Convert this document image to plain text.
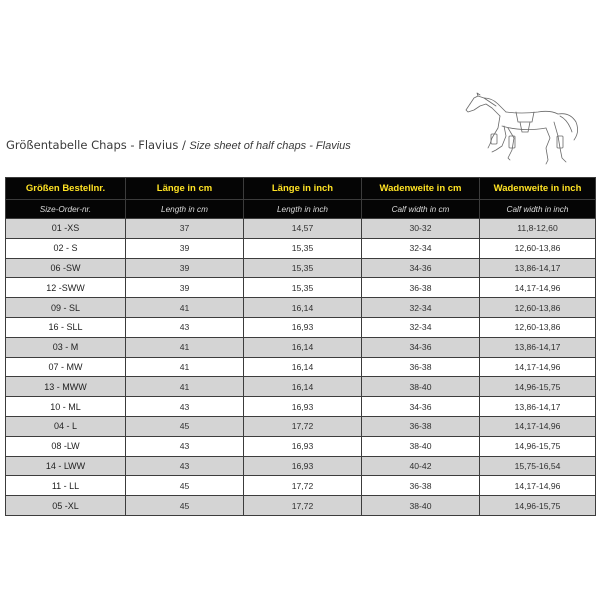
Größentabelle Chaps - Flavius / Size sheet of half chaps - Flavius
Größen Bestellnr.	Länge in cm	Länge in inch	Wadenweite in cm	Wadenweite in inch
Size-Order-nr.	Length in cm	Length in inch	Calf width in cm	Calf width in inch
01 -XS	37	14,57	30-32	11,8-12,60
02 - S	39	15,35	32-34	12,60-13,86
06 -SW	39	15,35	34-36	13,86-14,17
12 -SWW	39	15,35	36-38	14,17-14,96
09 - SL	41	16,14	32-34	12,60-13,86
16 - SLL	43	16,93	32-34	12,60-13,86
03 - M	41	16,14	34-36	13,86-14,17
07 - MW	41	16,14	36-38	14,17-14,96
13 - MWW	41	16,14	38-40	14,96-15,75
10 - ML	43	16,93	34-36	13,86-14,17
04 - L	45	17,72	36-38	14,17-14,96
08 -LW	43	16,93	38-40	14,96-15,75
14 - LWW	43	16,93	40-42	15,75-16,54
11 - LL	45	17,72	36-38	14,17-14,96
05 -XL	45	17,72	38-40	14,96-15,75
